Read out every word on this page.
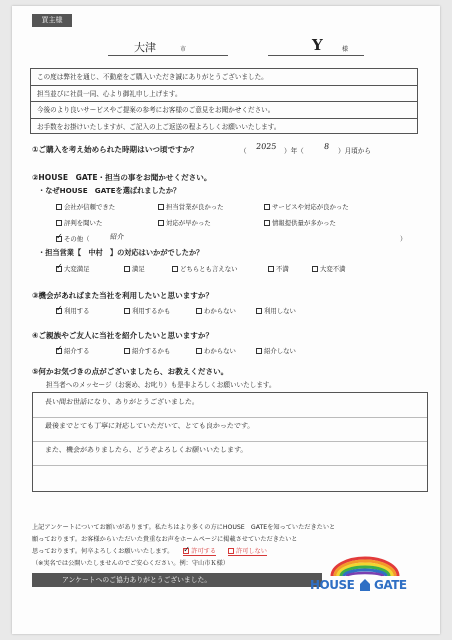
買主様
大津	市	Y	様
この度は弊社を通じ、不動産をご購入いただき誠にありがとうございました。
担当並びに社員一同、心より御礼申し上げます。
今後のより良いサービスやご提案の参考にお客様のご意見をお聞かせください。
お手数をお掛けいたしますが、ご記入の上ご返送の程よろしくお願いいたします。
①ご購入を考え始められた時期はいつ頃ですか？	（ 2025 ）年（ 8 ）月頃から
②HOUSE　GATE・担当の事をお聞かせください。
・なぜHOUSE　GATEを選ばれましたか？
会社が信頼できた	担当営業が良かった	サービスや対応が良かった
評判を聞いた	対応が早かった	情報提供量が多かった
✓その他（	紹介	）
・担当営業【　中村　】の対応はいかがでしたか？
✓大変満足	満足	どちらとも言えない	不満	大変不満
③機会があればまた当社を利用したいと思いますか？
✓利用する	利用するかも	わからない	利用しない
④ご親族やご友人に当社を紹介したいと思いますか？
✓紹介する	紹介するかも	わからない	紹介しない
⑤何かお気づきの点がございましたら、お教えください。
担当者へのメッセージ（お褒め、お叱り）も是非よろしくお願いいたします。
長い間お世話になり、ありがとうございました。
最後までとても丁寧に対応していただいて、とても良かったです。
また、機会がありましたら、どうぞよろしくお願いいたします。
上記アンケートについてお願いがあります。私たちはより多くの方にHOUSE　GATEを知っていただきたいと
願っております。お客様からいただいた貴重なお声をホームページに掲載させていただきたいと
思っております。何卒よろしくお願いいたします。 ✓	許可する	許可しない
（※実名では公開いたしませんのでご安心ください。例：守山市Ｋ様）
アンケートへのご協力ありがとうございました。	HOUSE GATE
